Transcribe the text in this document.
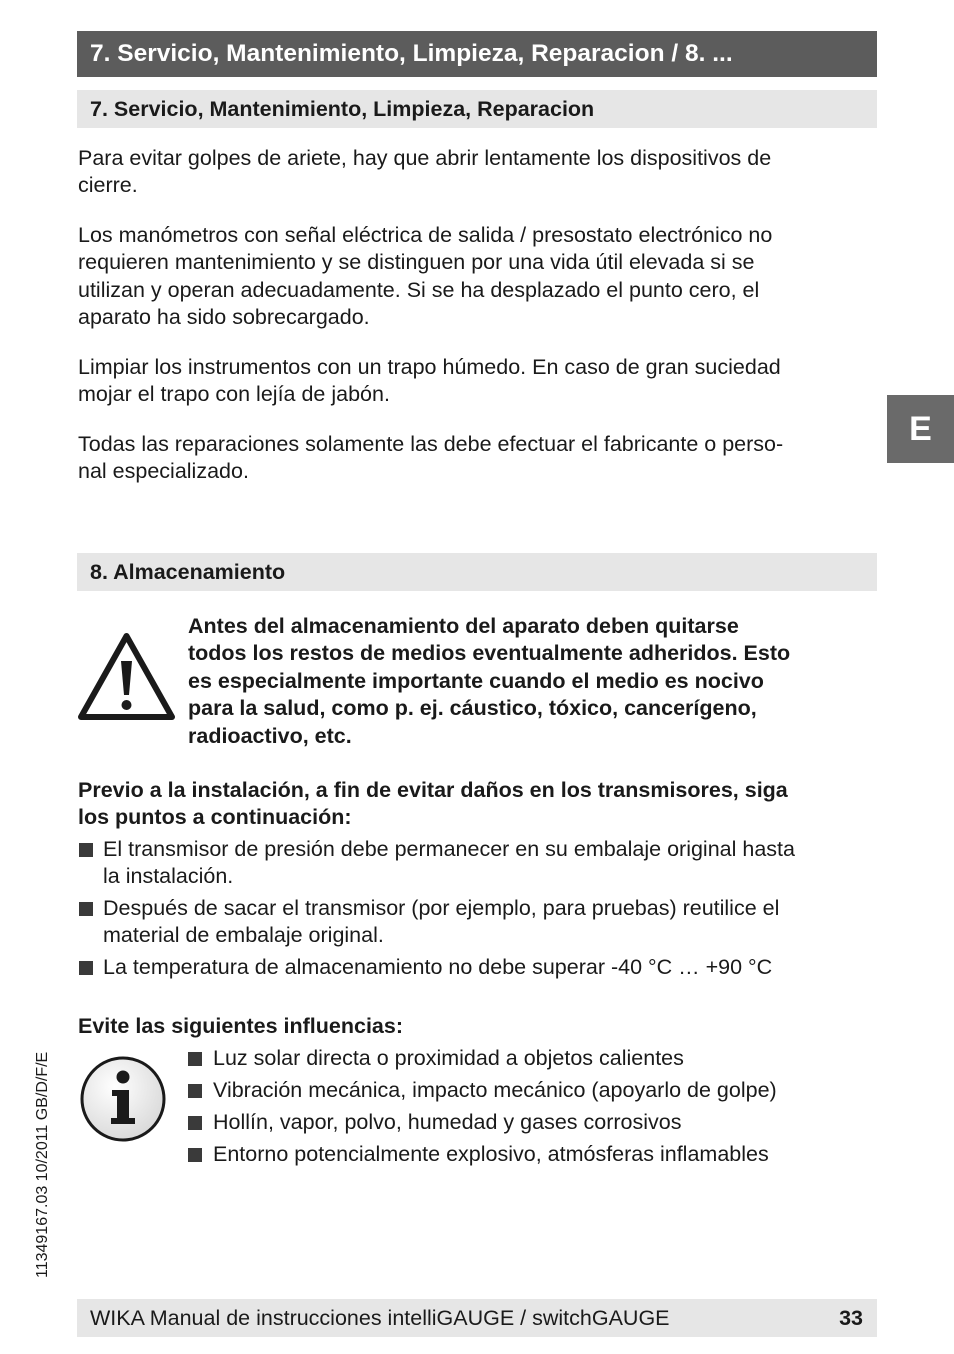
7. Servicio, Mantenimiento, Limpieza, Reparacion / 8. ...
7. Servicio, Mantenimiento, Limpieza, Reparacion
Para evitar golpes de ariete, hay que abrir lentamente los dispositivos de
cierre.
Los manómetros con señal eléctrica de salida / presostato electrónico no
requieren mantenimiento y se distinguen por una vida útil elevada si se
utilizan y operan adecuadamente. Si se ha desplazado el punto cero, el
aparato ha sido sobrecargado.
Limpiar los instrumentos con un trapo húmedo. En caso de gran suciedad
mojar el trapo con lejía de jabón.
Todas las reparaciones solamente las debe efectuar el fabricante o perso-
nal especializado.
E
8. Almacenamiento
Antes del almacenamiento del aparato deben quitarse
todos los restos de medios eventualmente adheridos. Esto
es especialmente importante cuando el medio es nocivo
para la salud, como p. ej. cáustico, tóxico, cancerígeno,
radioactivo, etc.
Previo a la instalación, a fin de evitar daños en los transmisores, siga
los puntos a continuación:
El transmisor de presión debe permanecer en su embalaje original hasta
la instalación.
Después de sacar el transmisor (por ejemplo, para pruebas) reutilice el
material de embalaje original.
La temperatura de almacenamiento no debe superar -40 °C … +90 °C
Evite las siguientes influencias:
Luz solar directa o proximidad a objetos calientes
Vibración mecánica, impacto mecánico (apoyarlo de golpe)
Hollín, vapor, polvo, humedad y gases corrosivos
Entorno potencialmente explosivo, atmósferas inflamables
11349167.03 10/2011 GB/D/F/E
WIKA Manual de instrucciones intelliGAUGE / switchGAUGE	33
